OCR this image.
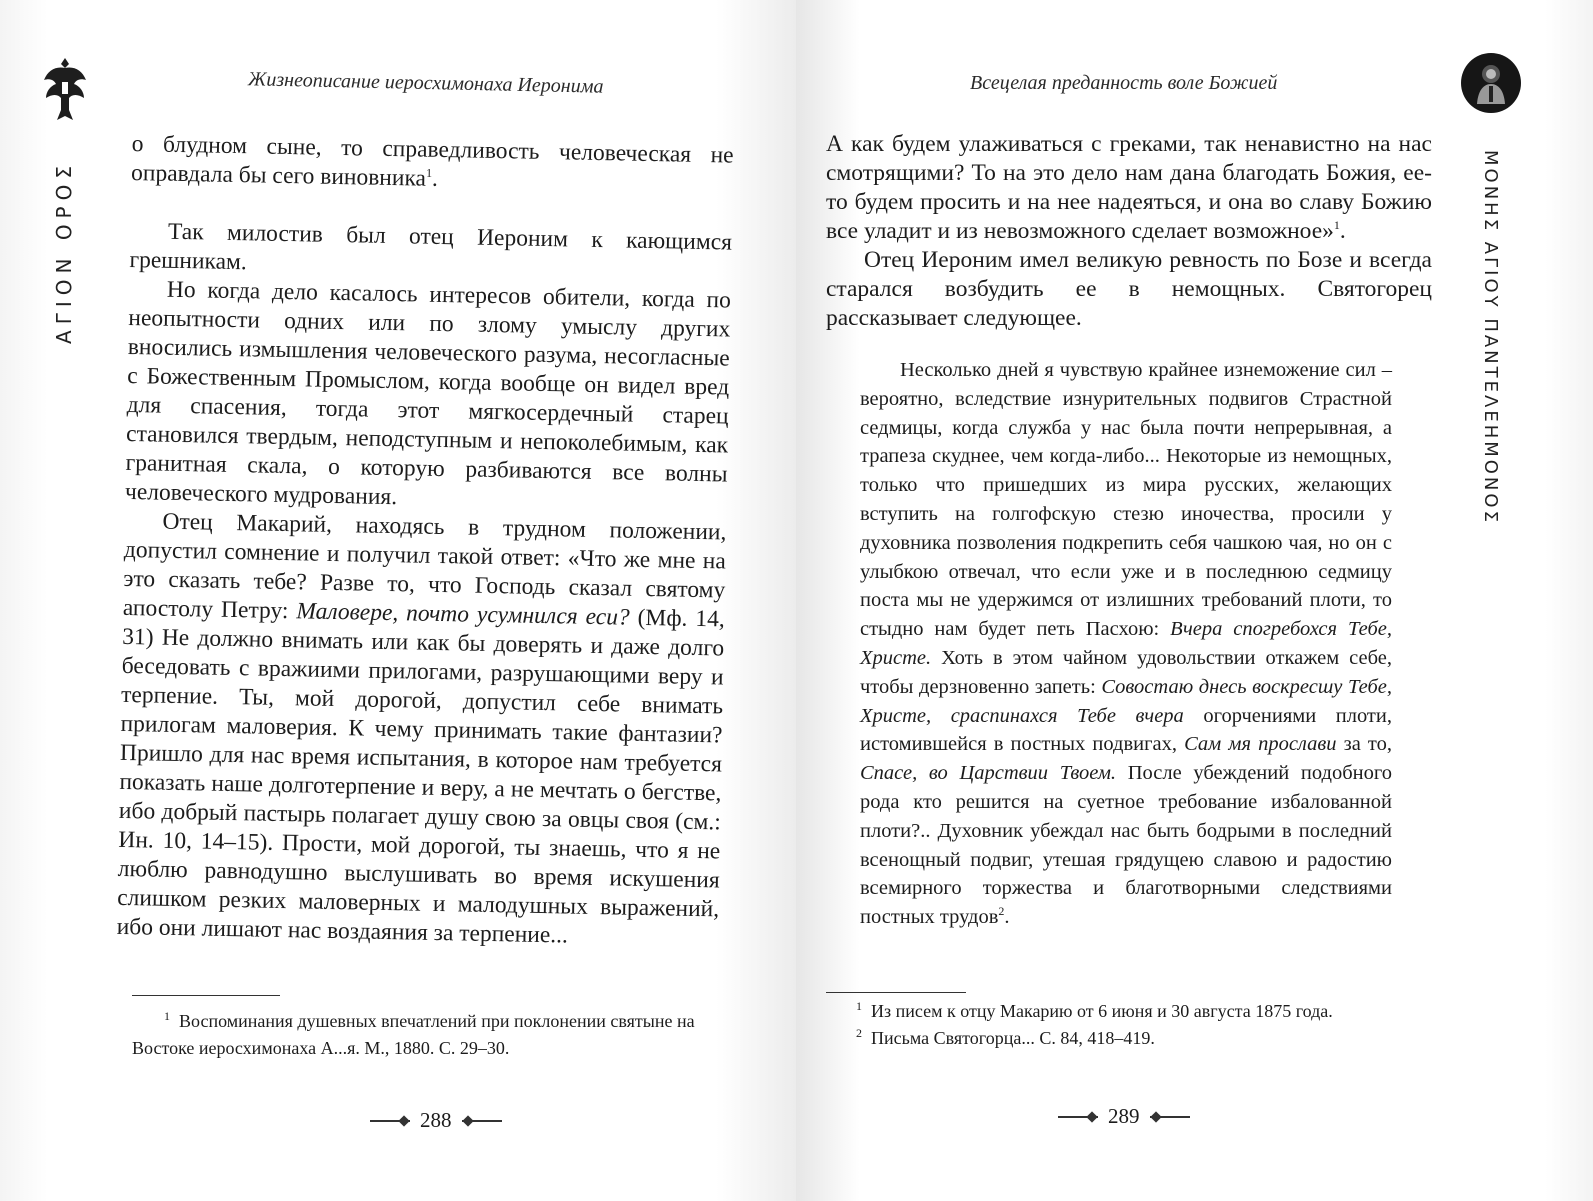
ΑΓΙΟΝ ΟΡΟΣ
Жизнеописание иеросхимонаха Иеронима

о блудном сыне, то справедливость человеческая не оправдала бы сего виновника$^1$.

Так милостив был отец Иероним к кающимся грешникам.

Но когда дело касалось интересов обители, когда по неопытности одних или по злому умыслу других вносились измышления человеческого разума, несогласные с Божественным Промыслом, когда вообще он видел вред для спасения, тогда этот мягкосердечный старец становился твердым, неподступным и непоколебимым, как гранитная скала, о которую разбиваются все волны человеческого мудрования.

Отец Макарий, находясь в трудном положении, допустил сомнение и получил такой ответ: «Что же мне на это сказать тебе? Разве то, что Господь сказал святому апостолу Петру: Маловере, почто усумнился еси? (Мф. 14, 31) Не должно внимать или как бы доверять и даже долго беседовать с вражиими прилогами, разрушающими веру и терпение. Ты, мой дорогой, допустил себе внимать прилогам маловерия. К чему принимать такие фантазии? Пришло для нас время испытания, в которое нам требуется показать наше долготерпение и веру, а не мечтать о бегстве, ибо добрый пастырь полагает душу свою за овцы своя (см.: Ин. 10, 14–15). Прости, мой дорогой, ты знаешь, что я не люблю равнодушно выслушивать во время искушения слишком резких маловерных и малодушных выражений, ибо они лишают нас воздаяния за терпение...

$^1$ Воспоминания душевных впечатлений при поклонении святыне на Востоке иеросхимонаха А...я. М., 1880. С. 29–30.

288
ΜΟΝΗΣ ΑΓΙΟΥ ΠΑΝΤΕΛΕΗΜΟΝΟΣ
Всецелая преданность воле Божией

А как будем улаживаться с греками, так ненавистно на нас смотрящими? То на это дело нам дана благодать Божия, ее-то будем просить и на нее надеяться, и она во славу Божию все уладит и из невозможного сделает возможное»$^1$.

Отец Иероним имел великую ревность по Бозе и всегда старался возбудить ее в немощных. Святогорец рассказывает следующее.

Несколько дней я чувствую крайнее изнеможение сил – вероятно, вследствие изнурительных подвигов Страстной седмицы, когда служба у нас была почти непрерывная, а трапеза скуднее, чем когда-либо... Некоторые из немощных, только что пришедших из мира русских, желающих вступить на голгофскую стезю иночества, просили у духовника позволения подкрепить себя чашкою чая, но он с улыбкою отвечал, что если уже и в последнюю седмицу поста мы не удержимся от излишних требований плоти, то стыдно нам будет петь Пасхою: Вчера спогребохся Тебе, Христе. Хоть в этом чайном удовольствии откажем себе, чтобы дерзновенно запеть: Совостаю днесь воскресшу Тебе, Христе, сраспинахся Тебе вчера огорчениями плоти, истомившейся в постных подвигах, Сам мя прослави за то, Спасе, во Царствии Твоем. После убеждений подобного рода кто решится на суетное требование избалованной плоти?.. Духовник убеждал нас быть бодрыми в последний всенощный подвиг, утешая грядущею славою и радостию всемирного торжества и благотворными следствиями постных трудов$^2$.

$^1$ Из писем к отцу Макарию от 6 июня и 30 августа 1875 года.

$^2$ Письма Святогорца... С. 84, 418–419.

289
